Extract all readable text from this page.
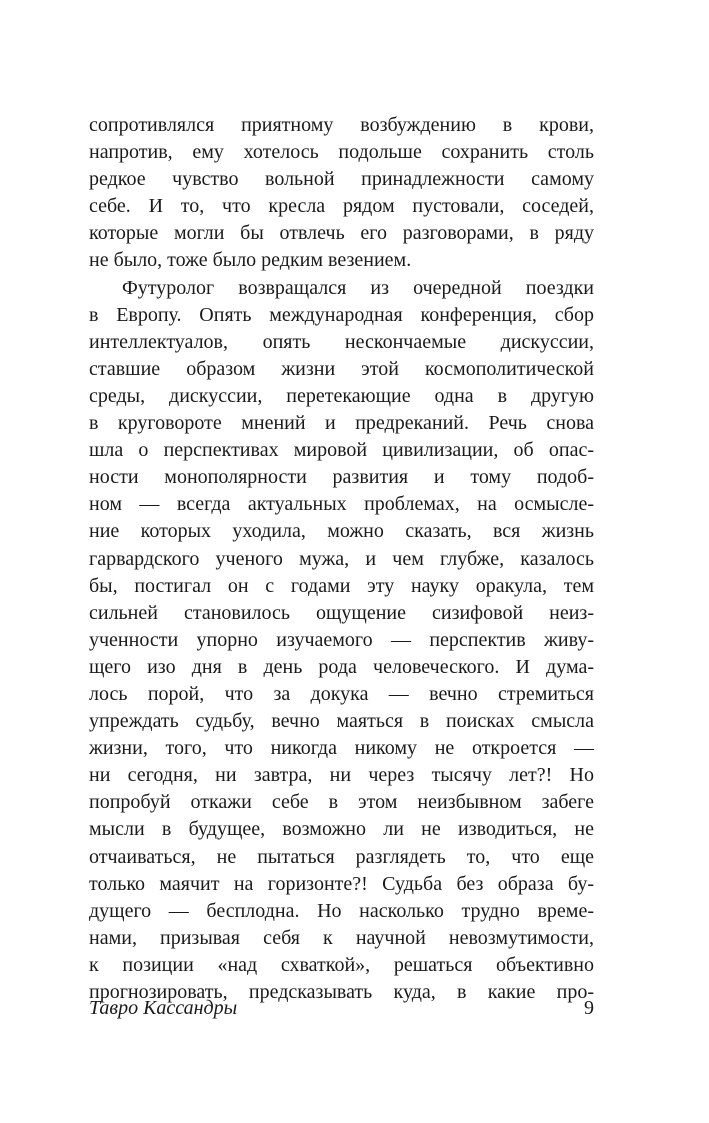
сопротивлялся приятному возбуждению в крови,
напротив, ему хотелось подольше сохранить столь
редкое чувство вольной принадлежности самому
себе. И то, что кресла рядом пустовали, соседей,
которые могли бы отвлечь его разговорами, в ряду
не было, тоже было редким везением.
Футуролог возвращался из очередной поездки
в Европу. Опять международная конференция, сбор
интеллектуалов, опять нескончаемые дискуссии,
ставшие образом жизни этой космополитической
среды, дискуссии, перетекающие одна в другую
в круговороте мнений и предреканий. Речь снова
шла о перспективах мировой цивилизации, об опас-
ности монополярности развития и тому подоб-
ном — всегда актуальных проблемах, на осмысле-
ние которых уходила, можно сказать, вся жизнь
гарвардского ученого мужа, и чем глубже, казалось
бы, постигал он с годами эту науку оракула, тем
сильней становилось ощущение сизифовой неиз-
ученности упорно изучаемого — перспектив живу-
щего изо дня в день рода человеческого. И дума-
лось порой, что за докука — вечно стремиться
упреждать судьбу, вечно маяться в поисках смысла
жизни, того, что никогда никому не откроется —
ни сегодня, ни завтра, ни через тысячу лет?! Но
попробуй откажи себе в этом неизбывном забеге
мысли в будущее, возможно ли не изводиться, не
отчаиваться, не пытаться разглядеть то, что еще
только маячит на горизонте?! Судьба без образа бу-
дущего — бесплодна. Но насколько трудно време-
нами, призывая себя к научной невозмутимости,
к позиции «над схваткой», решаться объективно
прогнозировать, предсказывать куда, в какие про-
Тавро Кассандры	9
